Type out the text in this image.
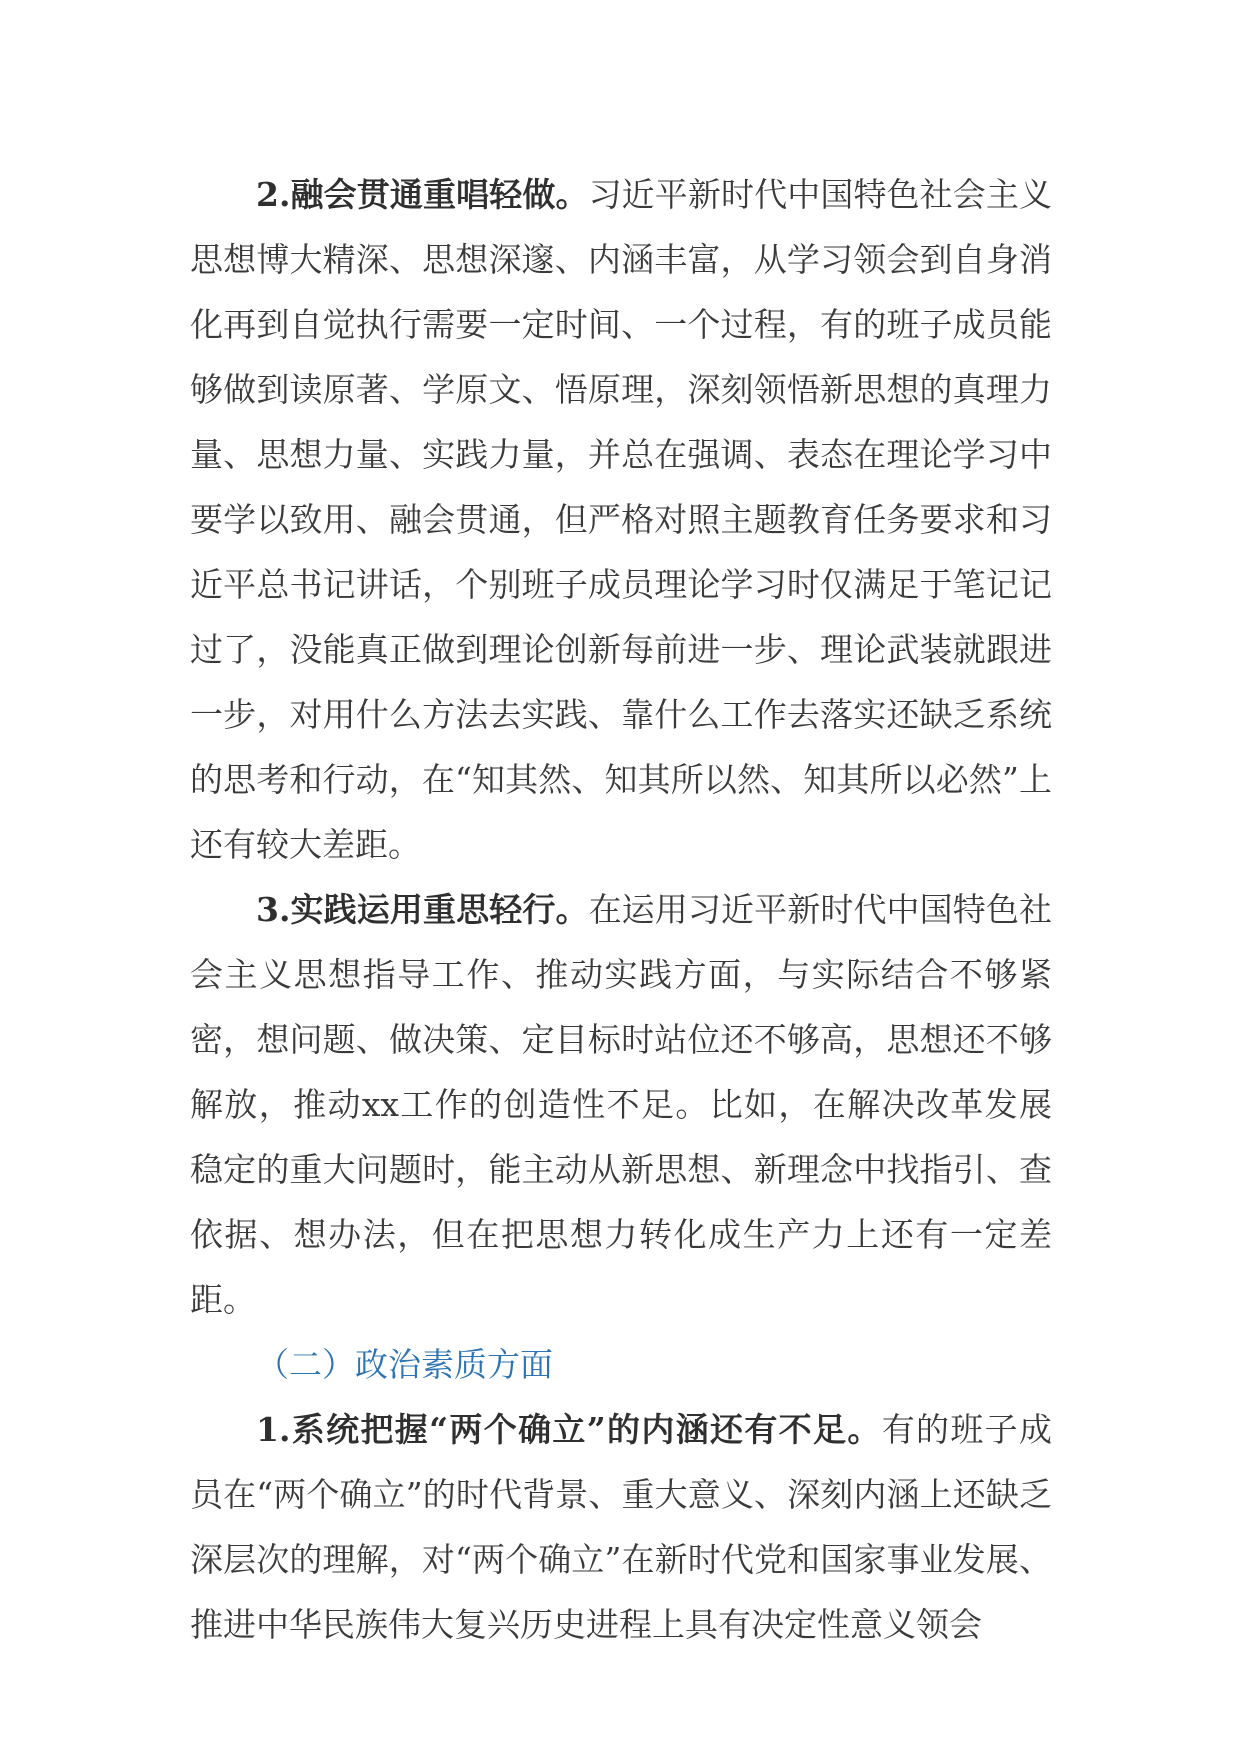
2.融会贯通重唱轻做。习近平新时代中国特色社会主义思想博大精深、思想深邃、内涵丰富，从学习领会到自身消化再到自觉执行需要一定时间、一个过程，有的班子成员能够做到读原著、学原文、悟原理，深刻领悟新思想的真理力量、思想力量、实践力量，并总在强调、表态在理论学习中要学以致用、融会贯通，但严格对照主题教育任务要求和习近平总书记讲话，个别班子成员理论学习时仅满足于笔记记过了，没能真正做到理论创新每前进一步、理论武装就跟进一步，对用什么方法去实践、靠什么工作去落实还缺乏系统的思考和行动，在“知其然、知其所以然、知其所以必然”上还有较大差距。

3.实践运用重思轻行。在运用习近平新时代中国特色社会主义思想指导工作、推动实践方面，与实际结合不够紧密，想问题、做决策、定目标时站位还不够高，思想还不够解放，推动xx工作的创造性不足。比如，在解决改革发展稳定的重大问题时，能主动从新思想、新理念中找指引、查依据、想办法，但在把思想力转化成生产力上还有一定差距。

（二）政治素质方面

1.系统把握“两个确立”的内涵还有不足。有的班子成员在“两个确立”的时代背景、重大意义、深刻内涵上还缺乏深层次的理解，对“两个确立”在新时代党和国家事业发展、推进中华民族伟大复兴历史进程上具有决定性意义领会
